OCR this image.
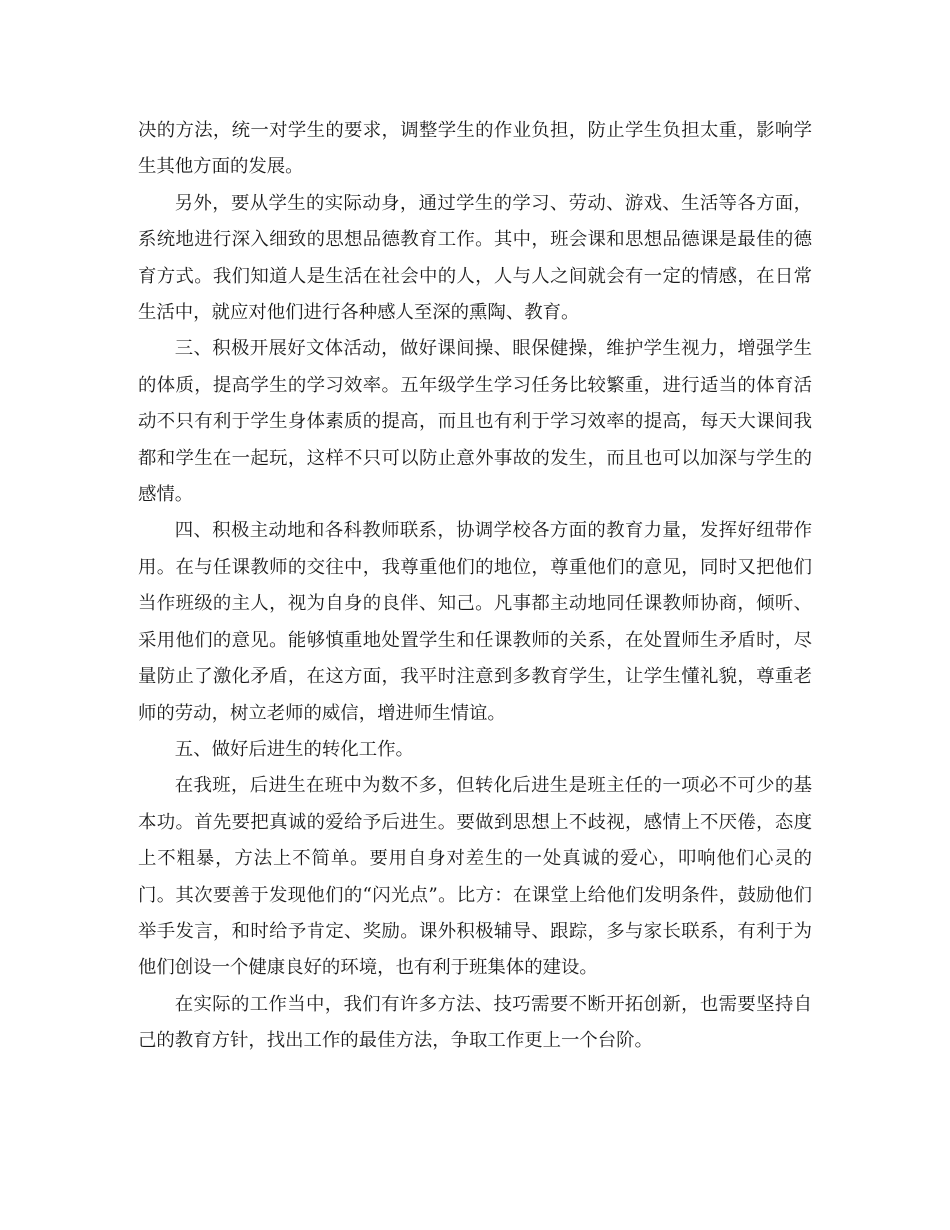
决的方法，统一对学生的要求，调整学生的作业负担，防止学生负担太重，影响学生其他方面的发展。

另外，要从学生的实际动身，通过学生的学习、劳动、游戏、生活等各方面，系统地进行深入细致的思想品德教育工作。其中，班会课和思想品德课是最佳的德育方式。我们知道人是生活在社会中的人，人与人之间就会有一定的情感，在日常生活中，就应对他们进行各种感人至深的熏陶、教育。

三、积极开展好文体活动，做好课间操、眼保健操，维护学生视力，增强学生的体质，提高学生的学习效率。五年级学生学习任务比较繁重，进行适当的体育活动不只有利于学生身体素质的提高，而且也有利于学习效率的提高，每天大课间我都和学生在一起玩，这样不只可以防止意外事故的发生，而且也可以加深与学生的感情。

四、积极主动地和各科教师联系，协调学校各方面的教育力量，发挥好纽带作用。在与任课教师的交往中，我尊重他们的地位，尊重他们的意见，同时又把他们当作班级的主人，视为自身的良伴、知己。凡事都主动地同任课教师协商，倾听、采用他们的意见。能够慎重地处置学生和任课教师的关系，在处置师生矛盾时，尽量防止了激化矛盾，在这方面，我平时注意到多教育学生，让学生懂礼貌，尊重老师的劳动，树立老师的威信，增进师生情谊。

五、做好后进生的转化工作。

在我班，后进生在班中为数不多，但转化后进生是班主任的一项必不可少的基本功。首先要把真诚的爱给予后进生。要做到思想上不歧视，感情上不厌倦，态度上不粗暴，方法上不简单。要用自身对差生的一处真诚的爱心，叩响他们心灵的门。其次要善于发现他们的“闪光点”。比方：在课堂上给他们发明条件，鼓励他们举手发言，和时给予肯定、奖励。课外积极辅导、跟踪，多与家长联系，有利于为他们创设一个健康良好的环境，也有利于班集体的建设。

在实际的工作当中，我们有许多方法、技巧需要不断开拓创新，也需要坚持自己的教育方针，找出工作的最佳方法，争取工作更上一个台阶。
